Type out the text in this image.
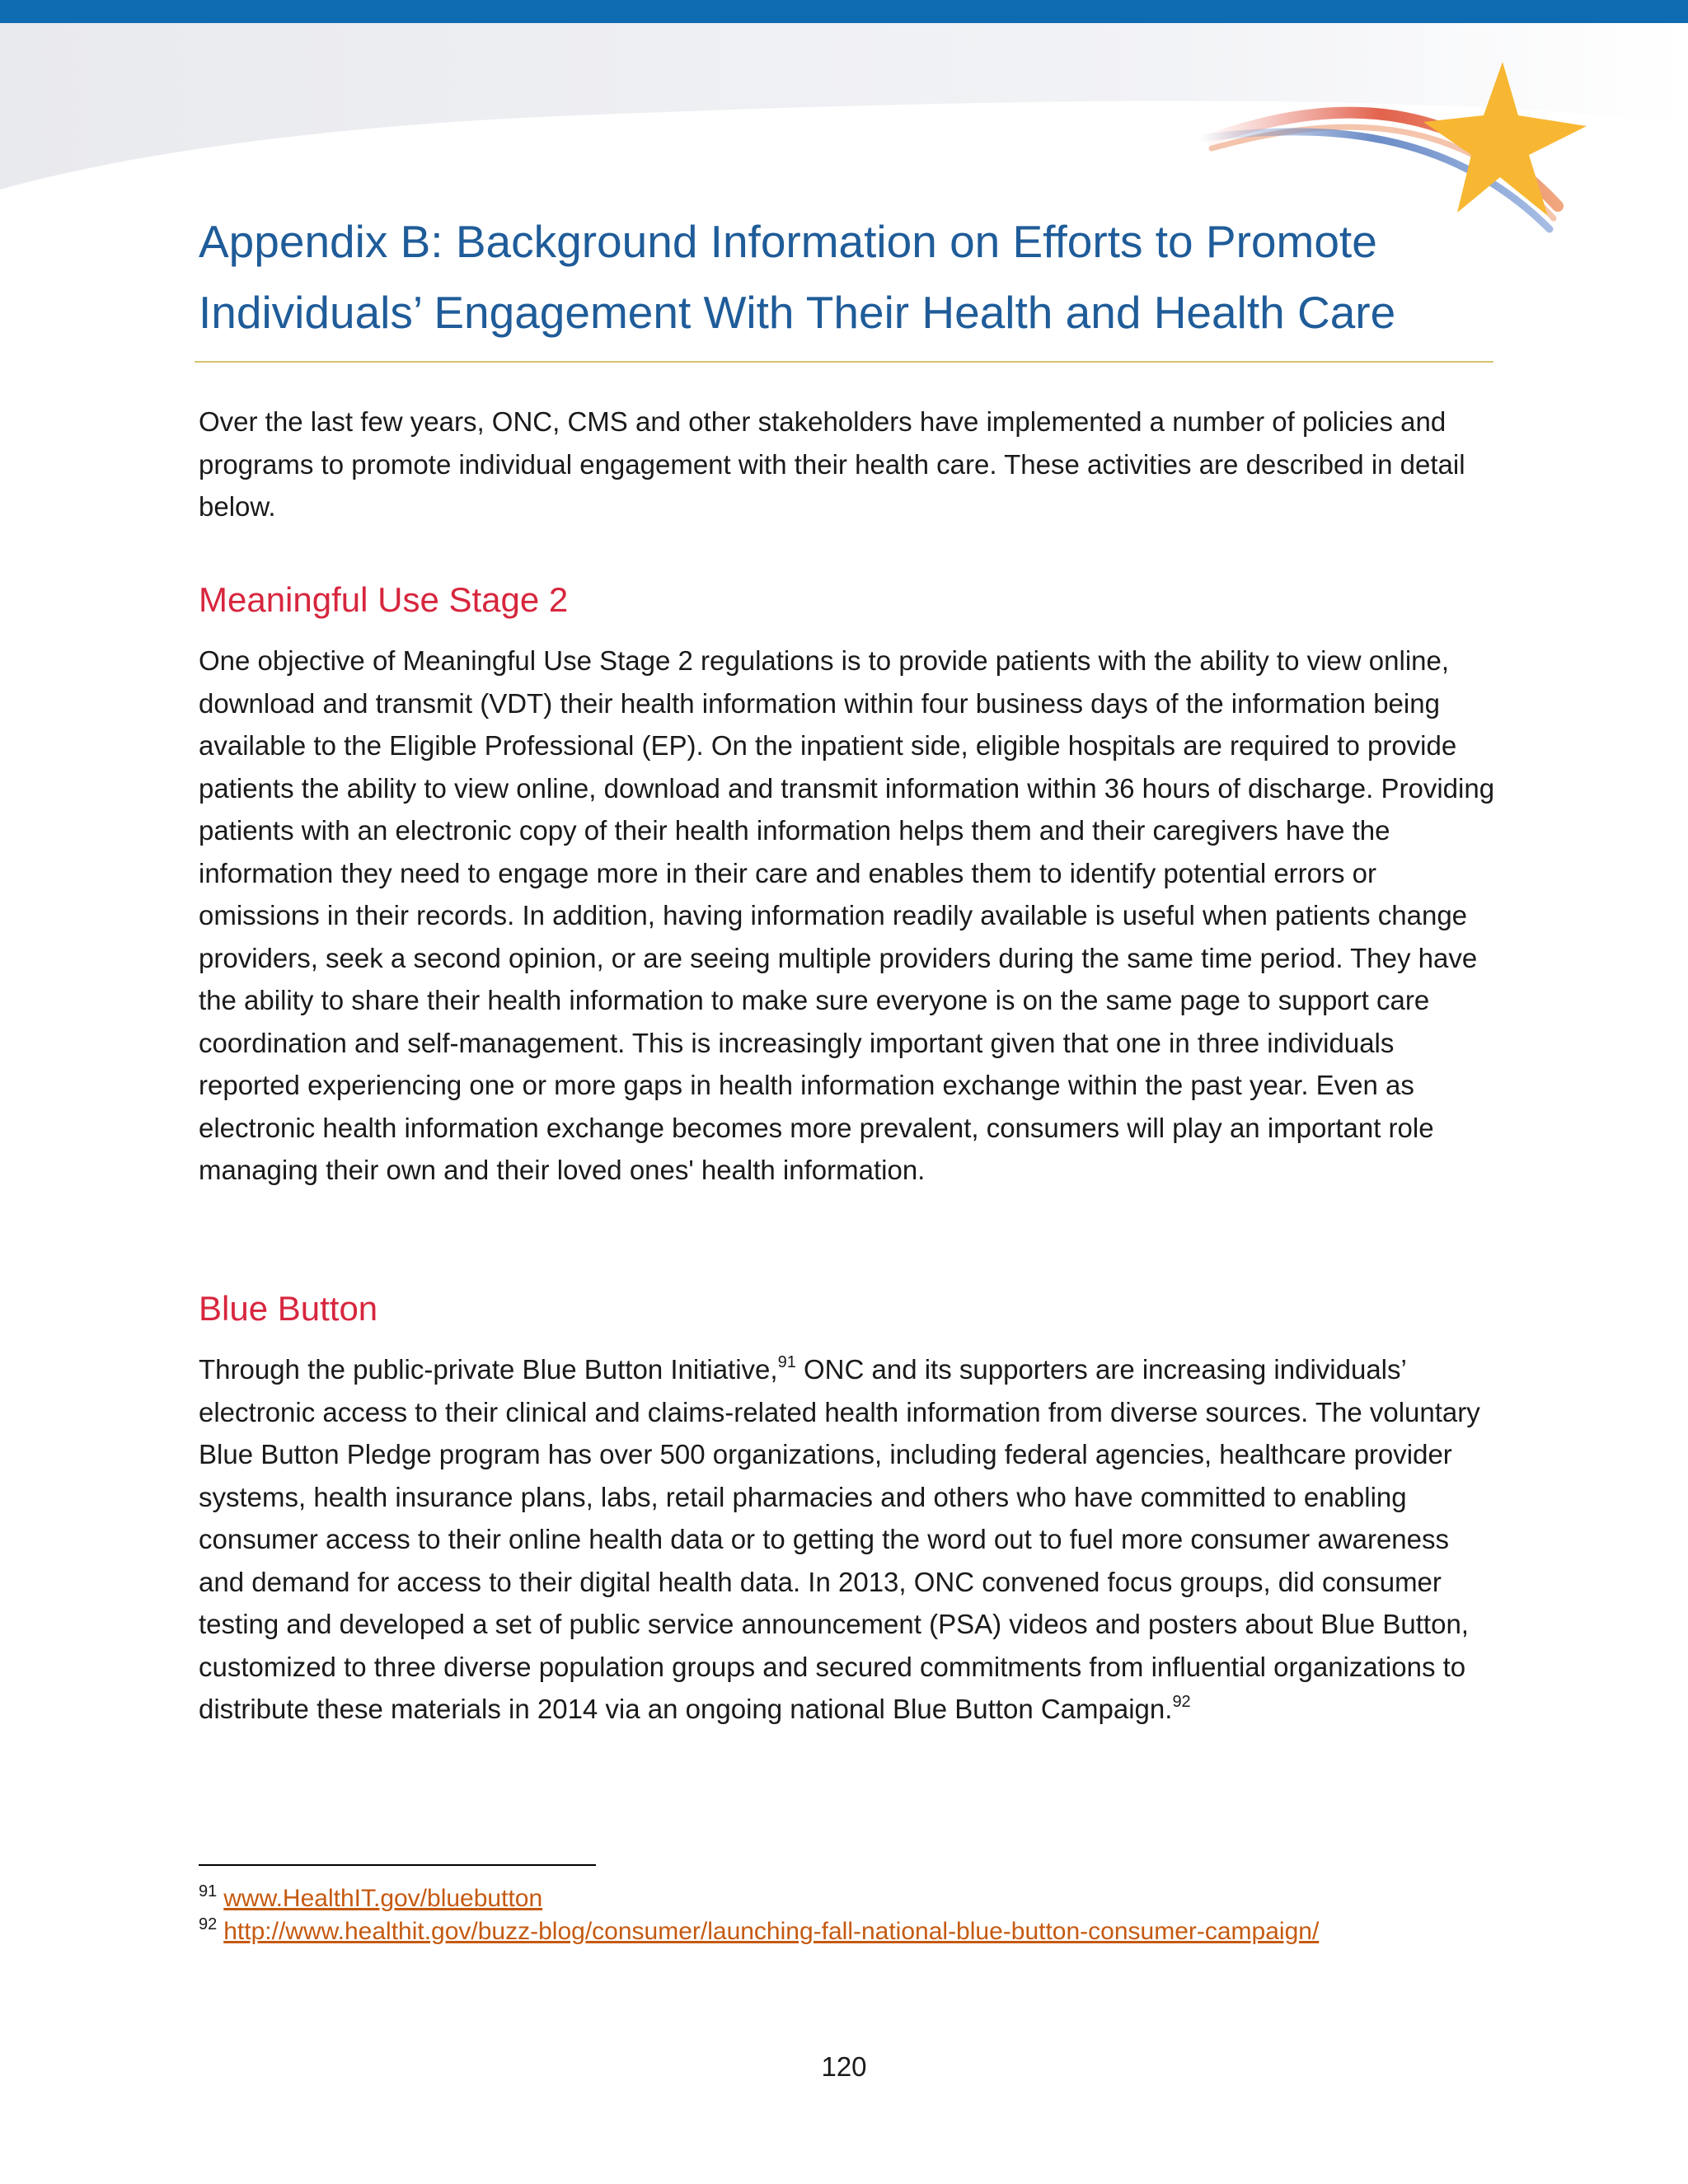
Appendix B: Background Information on Efforts to Promote
Individuals’ Engagement With Their Health and Health Care

Over the last few years, ONC, CMS and other stakeholders have implemented a number of policies and programs to promote individual engagement with their health care. These activities are described in detail below.

Meaningful Use Stage 2

One objective of Meaningful Use Stage 2 regulations is to provide patients with the ability to view online, download and transmit (VDT) their health information within four business days of the information being available to the Eligible Professional (EP). On the inpatient side, eligible hospitals are required to provide patients the ability to view online, download and transmit information within 36 hours of discharge. Providing patients with an electronic copy of their health information helps them and their caregivers have the information they need to engage more in their care and enables them to identify potential errors or omissions in their records. In addition, having information readily available is useful when patients change providers, seek a second opinion, or are seeing multiple providers during the same time period. They have the ability to share their health information to make sure everyone is on the same page to support care coordination and self-management. This is increasingly important given that one in three individuals reported experiencing one or more gaps in health information exchange within the past year. Even as electronic health information exchange becomes more prevalent, consumers will play an important role managing their own and their loved ones' health information.

Blue Button

Through the public-private Blue Button Initiative,$^{91}$ ONC and its supporters are increasing individuals’ electronic access to their clinical and claims-related health information from diverse sources. The voluntary Blue Button Pledge program has over 500 organizations, including federal agencies, healthcare provider systems, health insurance plans, labs, retail pharmacies and others who have committed to enabling consumer access to their online health data or to getting the word out to fuel more consumer awareness and demand for access to their digital health data. In 2013, ONC convened focus groups, did consumer testing and developed a set of public service announcement (PSA) videos and posters about Blue Button, customized to three diverse population groups and secured commitments from influential organizations to distribute these materials in 2014 via an ongoing national Blue Button Campaign.$^{92}$

$^{91}$ www.HealthIT.gov/bluebutton

$^{92}$ http://www.healthit.gov/buzz-blog/consumer/launching-fall-national-blue-button-consumer-campaign/

120
